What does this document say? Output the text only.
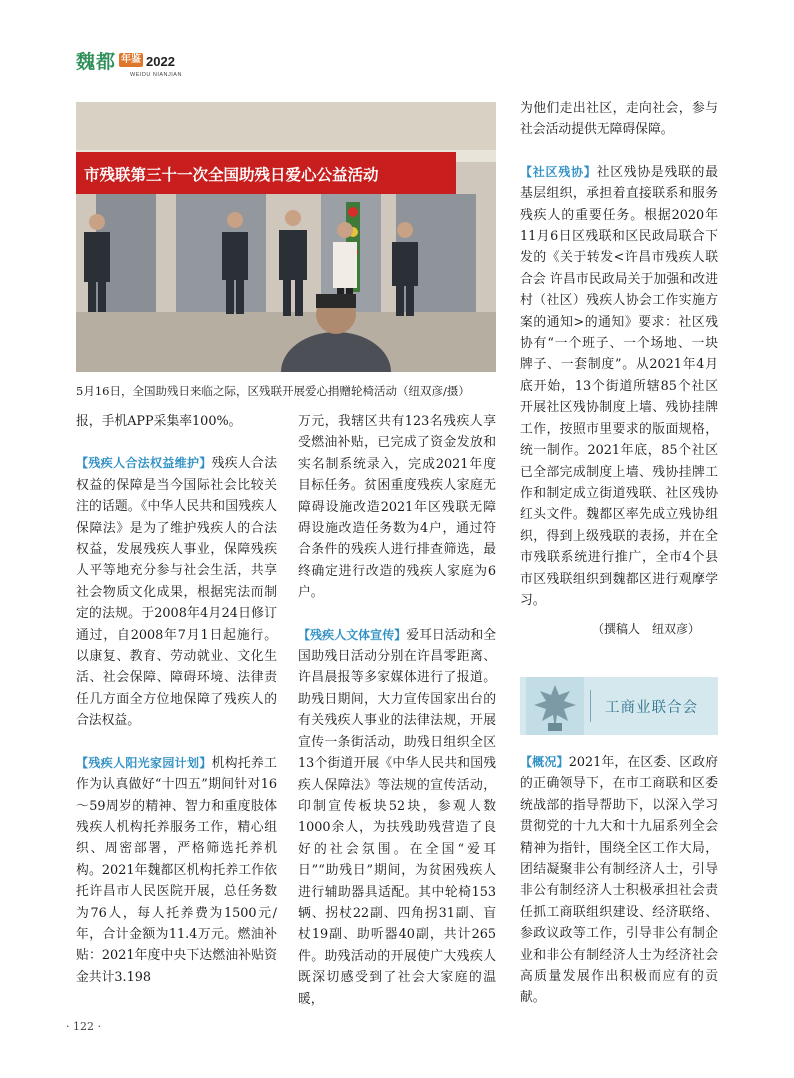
魏都 年鉴 2022
WEIDU NIANJIAN
市残联第三十一次全国助残日爱心公益活动
5月16日，全国助残日来临之际，区残联开展爱心捐赠轮椅活动（纽双彦/摄）

报，手机APP采集率100%。

【残疾人合法权益维护】残疾人合法权益的保障是当今国际社会比较关注的话题。《中华人民共和国残疾人保障法》是为了维护残疾人的合法权益，发展残疾人事业，保障残疾人平等地充分参与社会生活，共享社会物质文化成果，根据宪法而制定的法规。于2008年4月24日修订通过，自2008年7月1日起施行。以康复、教育、劳动就业、文化生活、社会保障、障碍环境、法律责任几方面全方位地保障了残疾人的合法权益。

【残疾人阳光家园计划】机构托养工作为认真做好“十四五”期间针对16～59周岁的精神、智力和重度肢体残疾人机构托养服务工作，精心组织、周密部署，严格筛选托养机构。2021年魏都区机构托养工作依托许昌市人民医院开展，总任务数为76人，每人托养费为1500元/年，合计金额为11.4万元。燃油补贴：2021年度中央下达燃油补贴资金共计3.198

万元，我辖区共有123名残疾人享受燃油补贴，已完成了资金发放和实名制系统录入，完成2021年度目标任务。贫困重度残疾人家庭无障碍设施改造2021年区残联无障碍设施改造任务数为4户，通过符合条件的残疾人进行排查筛选，最终确定进行改造的残疾人家庭为6户。

【残疾人文体宣传】爱耳日活动和全国助残日活动分别在许昌零距离、许昌晨报等多家媒体进行了报道。助残日期间，大力宣传国家出台的有关残疾人事业的法律法规，开展宣传一条街活动，助残日组织全区13个街道开展《中华人民共和国残疾人保障法》等法规的宣传活动，印制宣传板块52块，参观人数1000余人，为扶残助残营造了良好的社会氛围。在全国“爱耳日”“助残日”期间，为贫困残疾人进行辅助器具适配。其中轮椅153辆、拐杖22副、四角拐31副、盲杖19副、助听器40副，共计265件。助残活动的开展使广大残疾人既深切感受到了社会大家庭的温暖，

为他们走出社区，走向社会，参与社会活动提供无障碍保障。

【社区残协】社区残协是残联的最基层组织，承担着直接联系和服务残疾人的重要任务。根据2020年11月6日区残联和区民政局联合下发的《关于转发<许昌市残疾人联合会 许昌市民政局关于加强和改进村（社区）残疾人协会工作实施方案的通知>的通知》要求：社区残协有“一个班子、一个场地、一块牌子、一套制度”。从2021年4月底开始，13个街道所辖85个社区开展社区残协制度上墙、残协挂牌工作，按照市里要求的版面规格，统一制作。2021年底，85个社区已全部完成制度上墙、残协挂牌工作和制定成立街道残联、社区残协红头文件。魏都区率先成立残协组织，得到上级残联的表扬，并在全市残联系统进行推广，全市4个县市区残联组织到魏都区进行观摩学习。

（撰稿人　纽双彦）

工商业联合会

【概况】2021年，在区委、区政府的正确领导下，在市工商联和区委统战部的指导帮助下，以深入学习贯彻党的十九大和十九届系列全会精神为指针，围绕全区工作大局，团结凝聚非公有制经济人士，引导非公有制经济人士积极承担社会责任抓工商联组织建设、经济联络、参政议政等工作，引导非公有制企业和非公有制经济人士为经济社会高质量发展作出积极而应有的贡献。

· 122 ·
